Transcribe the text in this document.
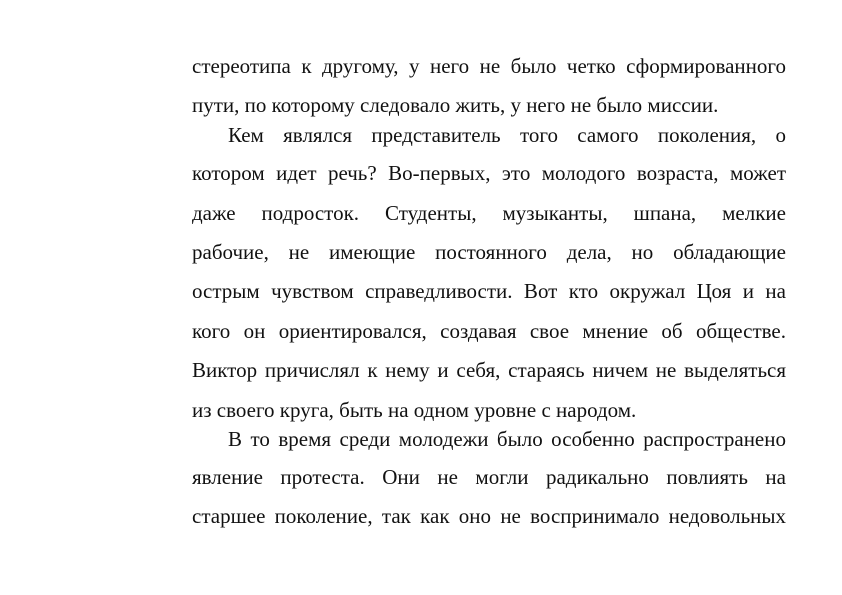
стереотипа к другому, у него не было четко сформированного
пути, по которому следовало жить, у него не было миссии.
Кем являлся представитель того самого поколения, о
котором идет речь? Во-первых, это молодого возраста, может
даже подросток. Студенты, музыканты, шпана, мелкие
рабочие, не имеющие постоянного дела, но обладающие
острым чувством справедливости. Вот кто окружал Цоя и на
кого он ориентировался, создавая свое мнение об обществе.
Виктор причислял к нему и себя, стараясь ничем не выделяться
из своего круга, быть на одном уровне с народом.
В то время среди молодежи было особенно распространено
явление протеста. Они не могли радикально повлиять на
старшее поколение, так как оно не воспринимало недовольных
